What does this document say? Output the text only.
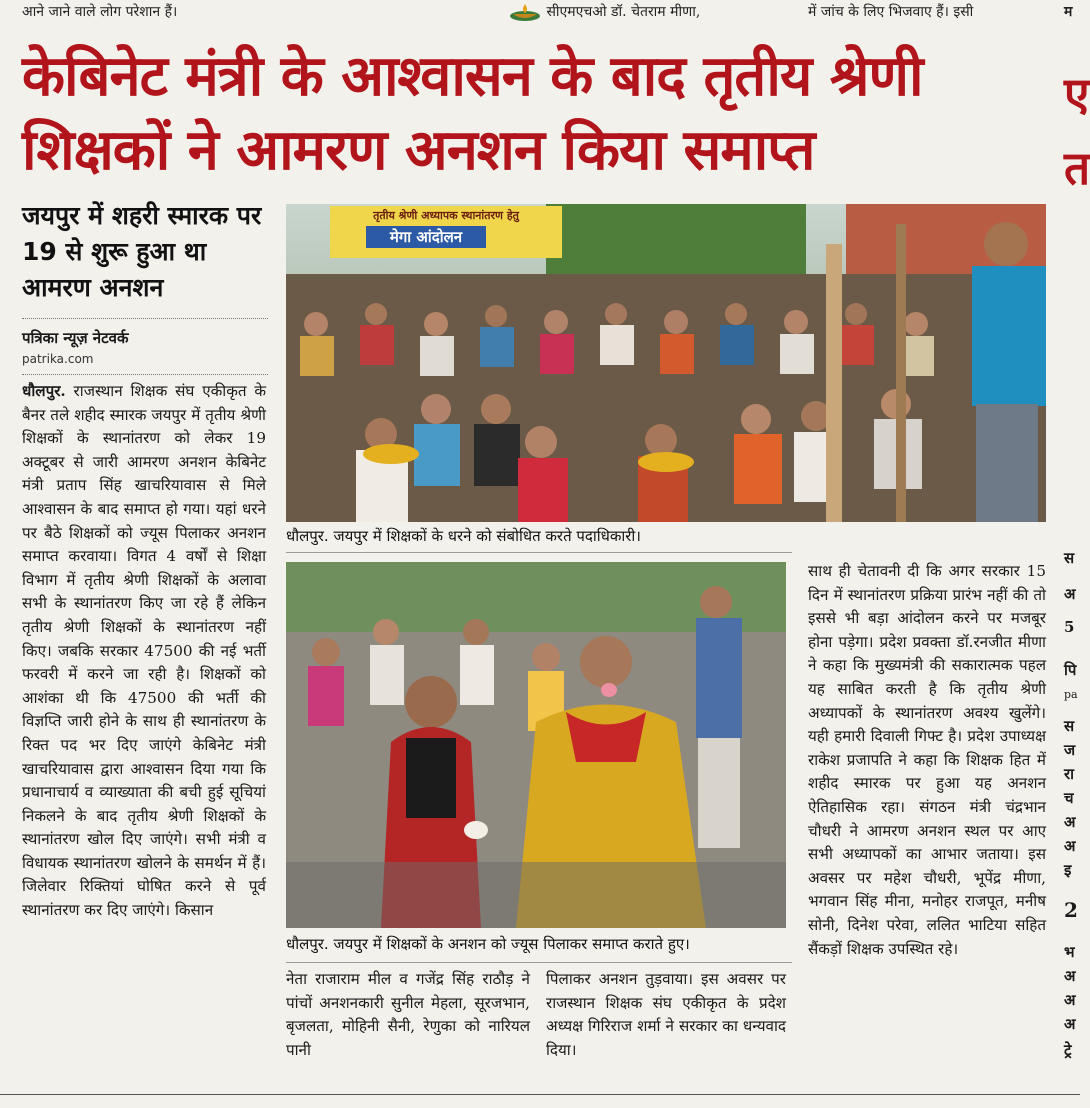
आने जाने वाले लोग परेशान हैं।	सीएमएचओ डॉ. चेतराम मीणा,	में जांच के लिए भिजवाए हैं। इसी	म
केबिनेट मंत्री के आश्वासन के बाद तृतीय श्रेणी शिक्षकों ने आमरण अनशन किया समाप्त
जयपुर में शहरी स्मारक पर 19 से शुरू हुआ था आमरण अनशन
पत्रिका न्यूज़ नेटवर्क
patrika.com
धौलपुर. राजस्थान शिक्षक संघ एकीकृत के बैनर तले शहीद स्मारक जयपुर में तृतीय श्रेणी शिक्षकों के स्थानांतरण को लेकर 19 अक्टूबर से जारी आमरण अनशन केबिनेट मंत्री प्रताप सिंह खाचरियावास से मिले आश्वासन के बाद समाप्त हो गया। यहां धरने पर बैठे शिक्षकों को ज्यूस पिलाकर अनशन समाप्त करवाया। विगत 4 वर्षों से शिक्षा विभाग में तृतीय श्रेणी शिक्षकों के अलावा सभी के स्थानांतरण किए जा रहे हैं लेकिन तृतीय श्रेणी शिक्षकों के स्थानांतरण नहीं किए। जबकि सरकार 47500 की नई भर्ती फरवरी में करने जा रही है। शिक्षकों को आशंका थी कि 47500 की भर्ती की विज्ञप्ति जारी होने के साथ ही स्थानांतरण के रिक्त पद भर दिए जाएंगे केबिनेट मंत्री खाचरियावास द्वारा आश्वासन दिया गया कि प्रधानाचार्य व व्याख्याता की बची हुई सूचियां निकलने के बाद तृतीय श्रेणी शिक्षकों के स्थानांतरण खोल दिए जाएंगे। सभी मंत्री व विधायक स्थानांतरण खोलने के समर्थन में हैं। जिलेवार रिक्तियां घोषित करने से पूर्व स्थानांतरण कर दिए जाएंगे। किसान
तृतीय श्रेणी अध्यापक स्थानांतरण हेतु
मेगा आंदोलन
धौलपुर. जयपुर में शिक्षकों के धरने को संबोधित करते पदाधिकारी।
धौलपुर. जयपुर में शिक्षकों के अनशन को ज्यूस पिलाकर समाप्त कराते हुए।
नेता राजाराम मील व गजेंद्र सिंह राठौड़ ने पांचों अनशनकारी सुनील मेहला, सूरजभान, बृजलता, मोहिनी सैनी, रेणुका को नारियल पानी
पिलाकर अनशन तुड़वाया। इस अवसर पर राजस्थान शिक्षक संघ एकीकृत के प्रदेश अध्यक्ष गिरिराज शर्मा ने सरकार का धन्यवाद दिया।
साथ ही चेतावनी दी कि अगर सरकार 15 दिन में स्थानांतरण प्रक्रिया प्रारंभ नहीं की तो इससे भी बड़ा आंदोलन करने पर मजबूर होना पड़ेगा। प्रदेश प्रवक्ता डॉ.रनजीत मीणा ने कहा कि मुख्यमंत्री की सकारात्मक पहल यह साबित करती है कि तृतीय श्रेणी अध्यापकों के स्थानांतरण अवश्य खुलेंगे। यही हमारी दिवाली गिफ्ट है। प्रदेश उपाध्यक्ष राकेश प्रजापति ने कहा कि शिक्षक हित में शहीद स्मारक पर हुआ यह अनशन ऐतिहासिक रहा। संगठन मंत्री चंद्रभान चौधरी ने आमरण अनशन स्थल पर आए सभी अध्यापकों का आभार जताया। इस अवसर पर महेश चौधरी, भूपेंद्र मीणा, भगवान सिंह मीना, मनोहर राजपूत, मनीष सोनी, दिनेश परेवा, ललित भाटिया सहित सैंकड़ों शिक्षक उपस्थित रहे।
ए
त
स
अ
5
पि
pa
स
ज
रा
च
अ
अ
इ
2
भ
अ
अ
अ
ट्रे
